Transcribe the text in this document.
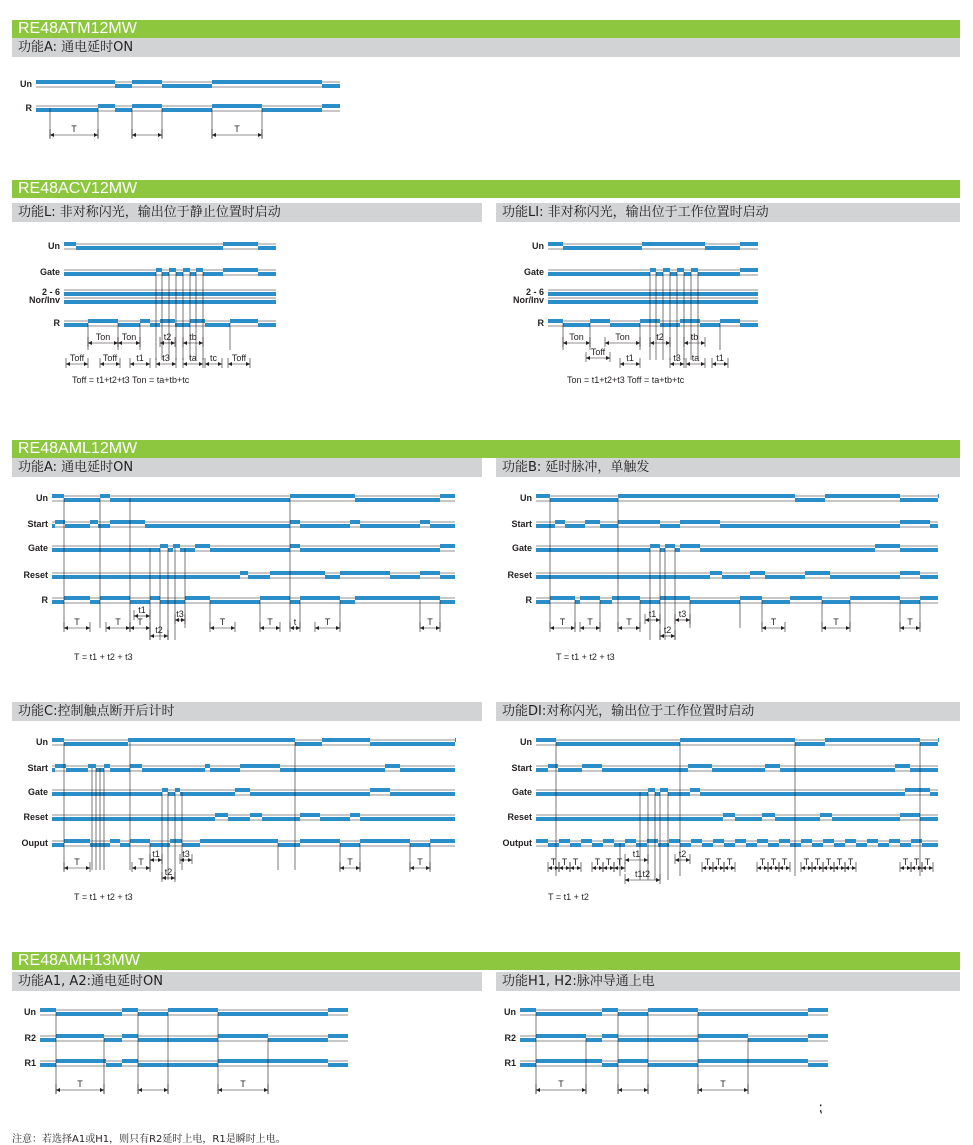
RE48ATM12MW
RE48ACV12MW
RE48AML12MW
RE48AMH13MW
功能A: 通电延时ON
功能L: 非对称闪光，输出位于静止位置时启动	功能LI: 非对称闪光，输出位于工作位置时启动
功能A: 通电延时ON	功能B: 延时脉冲，单触发
功能C:控制触点断开后计时	功能DI:对称闪光，输出位于工作位置时启动
功能A1, A2:通电延时ON	功能H1, H2:脉冲导通上电
Un
R
T	T
Un
Gate
2 - 6
Nor/Inv
R
Ton Ton	t2 tb
Toff Toff t1 t3 ta tc Toff
Toff = t1+t2+t3 Ton = ta+tb+tc
Un
Gate
2 - 6
Nor/Inv
R
Ton	Ton	t2	tb
Toff
t1	t3 ta t1
Ton = t1+t2+t3 Toff = ta+tb+tc
Un
Start
Gate
Reset
R
T	T T
t1
t2
t3
T	T t	T	T
T = t1 + t2 + t3
Un
Start
Gate
Reset
R
T T	T
t1
t2
t3
T	T	T
T = t1 + t2 + t3
Un
Start
Gate
Reset
Ouput
T	T
t1
t2
t3
T	T
T = t1 + t2 + t3
Un
Start
Gate
Reset
Output
T T T T T T
t1	t2
t1t2
T T T	T T T T T T T T	T T T
T = t1 + t2
Un
R2
R1
T	T
Un
R2
R1
T	T
注意：若选择A1或H1，则只有R2延时上电，R1是瞬时上电。
⁏
